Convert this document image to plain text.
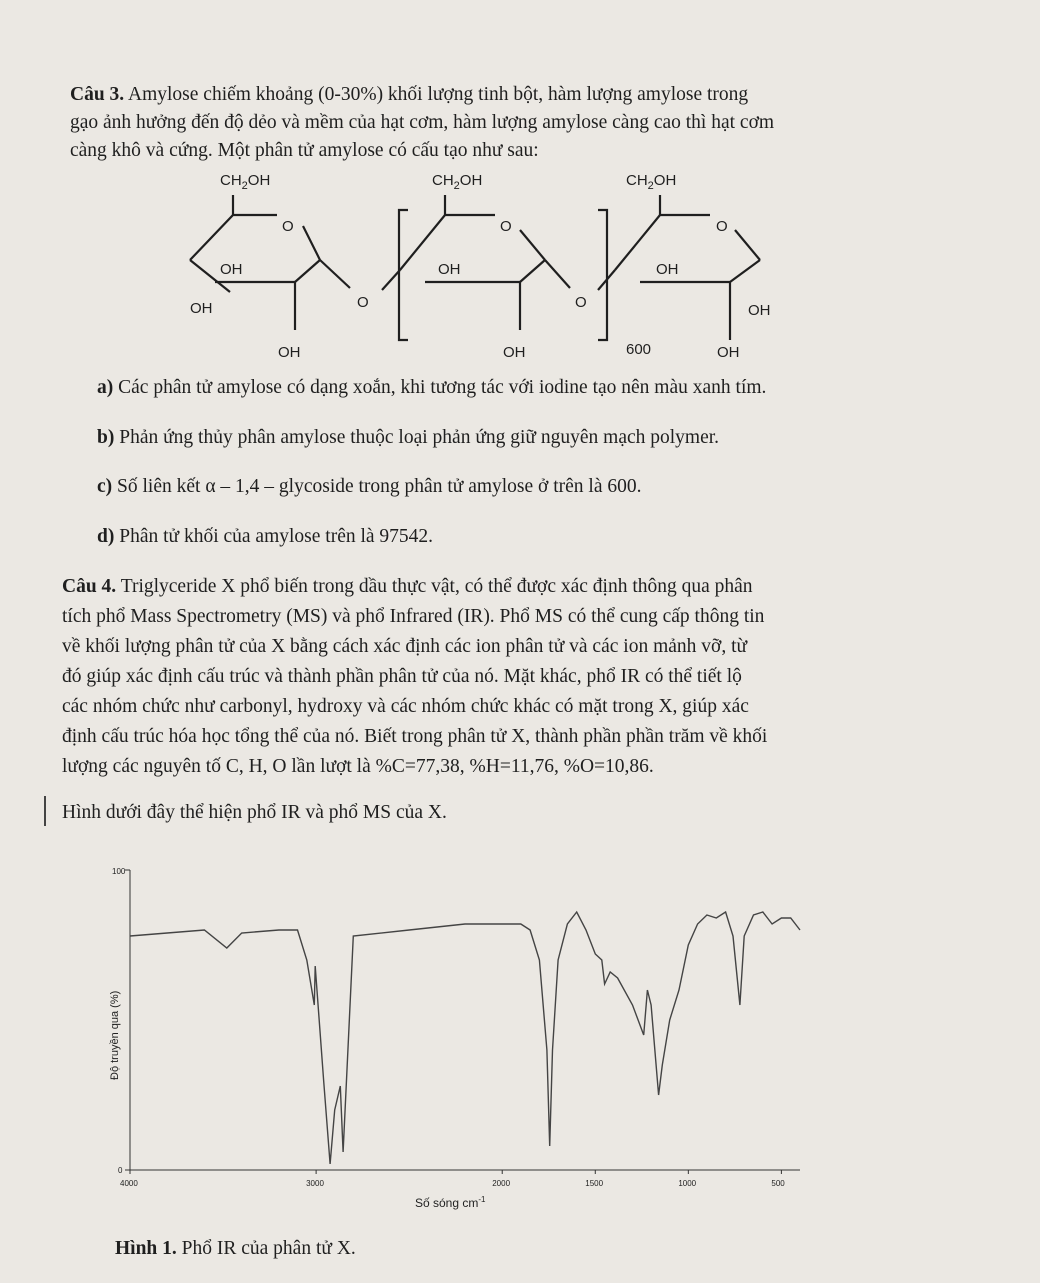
Câu 3. Amylose chiếm khoảng (0-30%) khối lượng tinh bột, hàm lượng amylose trong
gạo ảnh hưởng đến độ dẻo và mềm của hạt cơm, hàm lượng amylose càng cao thì hạt cơm
càng khô và cứng. Một phân tử amylose có cấu tạo như sau:
$CH_2OH$
O
OH
OH
OH
O
$CH_2OH$
O
OH
OH
O
600
$CH_2OH$
O
OH
OH
OH
a) Các phân tử amylose có dạng xoắn, khi tương tác với iodine tạo nên màu xanh tím.
b) Phản ứng thủy phân amylose thuộc loại phản ứng giữ nguyên mạch polymer.
c) Số liên kết α – 1,4 – glycoside trong phân tử amylose ở trên là 600.
d) Phân tử khối của amylose trên là 97542.
Câu 4. Triglyceride X phổ biến trong dầu thực vật, có thể được xác định thông qua phân
tích phổ Mass Spectrometry (MS) và phổ Infrared (IR). Phổ MS có thể cung cấp thông tin
về khối lượng phân tử của X bằng cách xác định các ion phân tử và các ion mảnh vỡ, từ
đó giúp xác định cấu trúc và thành phần phân tử của nó. Mặt khác, phổ IR có thể tiết lộ
các nhóm chức như carbonyl, hydroxy và các nhóm chức khác có mặt trong X, giúp xác
định cấu trúc hóa học tổng thể của nó. Biết trong phân tử X, thành phần phần trăm về khối
lượng các nguyên tố C, H, O lần lượt là %C=77,38, %H=11,76, %O=10,86.
Hình dưới đây thể hiện phổ IR và phổ MS của X.
4000	3000	2000	1500	1000	500
100
0
Độ truyền qua (%)
Số sóng $cm^{-1}$
Hình 1. Phổ IR của phân tử X.
